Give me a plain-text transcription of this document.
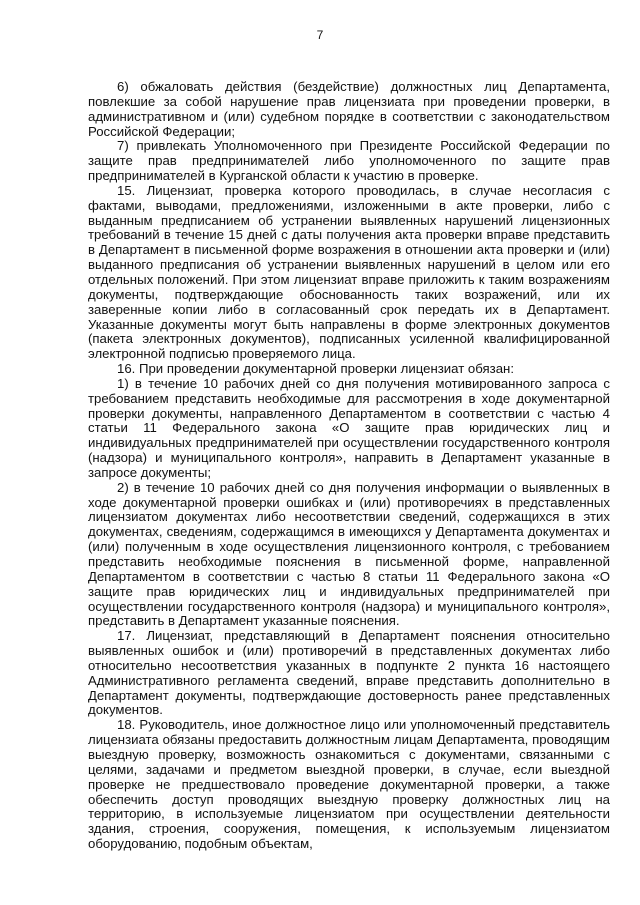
7

6) обжаловать действия (бездействие) должностных лиц Департамента, повлекшие за собой нарушение прав лицензиата при проведении проверки, в административном и (или) судебном порядке в соответствии с законодательством Российской Федерации;

7) привлекать Уполномоченного при Президенте Российской Федерации по защите прав предпринимателей либо уполномоченного по защите прав предпринимателей в Курганской области к участию в проверке.

15. Лицензиат, проверка которого проводилась, в случае несогласия с фактами, выводами, предложениями, изложенными в акте проверки, либо с выданным предписанием об устранении выявленных нарушений лицензионных требований в течение 15 дней с даты получения акта проверки вправе представить в Департамент в письменной форме возражения в отношении акта проверки и (или) выданного предписания об устранении выявленных нарушений в целом или его отдельных положений. При этом лицензиат вправе приложить к таким возражениям документы, подтверждающие обоснованность таких возражений, или их заверенные копии либо в согласованный срок передать их в Департамент. Указанные документы могут быть направлены в форме электронных документов (пакета электронных документов), подписанных усиленной квалифицированной электронной подписью проверяемого лица.

16. При проведении документарной проверки лицензиат обязан:

1) в течение 10 рабочих дней со дня получения мотивированного запроса с требованием представить необходимые для рассмотрения в ходе документарной проверки документы, направленного Департаментом в соответствии с частью 4 статьи 11 Федерального закона «О защите прав юридических лиц и индивидуальных предпринимателей при осуществлении государственного контроля (надзора) и муниципального контроля», направить в Департамент указанные в запросе документы;

2) в течение 10 рабочих дней со дня получения информации о выявленных в ходе документарной проверки ошибках и (или) противоречиях в представленных лицензиатом документах либо несоответствии сведений, содержащихся в этих документах, сведениям, содержащимся в имеющихся у Департамента документах и (или) полученным в ходе осуществления лицензионного контроля, с требованием представить необходимые пояснения в письменной форме, направленной Департаментом в соответствии с частью 8 статьи 11 Федерального закона «О защите прав юридических лиц и индивидуальных предпринимателей при осуществлении государственного контроля (надзора) и муниципального контроля», представить в Департамент указанные пояснения.

17. Лицензиат, представляющий в Департамент пояснения относительно выявленных ошибок и (или) противоречий в представленных документах либо относительно несоответствия указанных в подпункте 2 пункта 16 настоящего Административного регламента сведений, вправе представить дополнительно в Департамент документы, подтверждающие достоверность ранее представленных документов.

18. Руководитель, иное должностное лицо или уполномоченный представитель лицензиата обязаны предоставить должностным лицам Департамента, проводящим выездную проверку, возможность ознакомиться с документами, связанными с целями, задачами и предметом выездной проверки, в случае, если выездной проверке не предшествовало проведение документарной проверки, а также обеспечить доступ проводящих выездную проверку должностных лиц на территорию, в используемые лицензиатом при осуществлении деятельности здания, строения, сооружения, помещения, к используемым лицензиатом оборудованию, подобным объектам,
